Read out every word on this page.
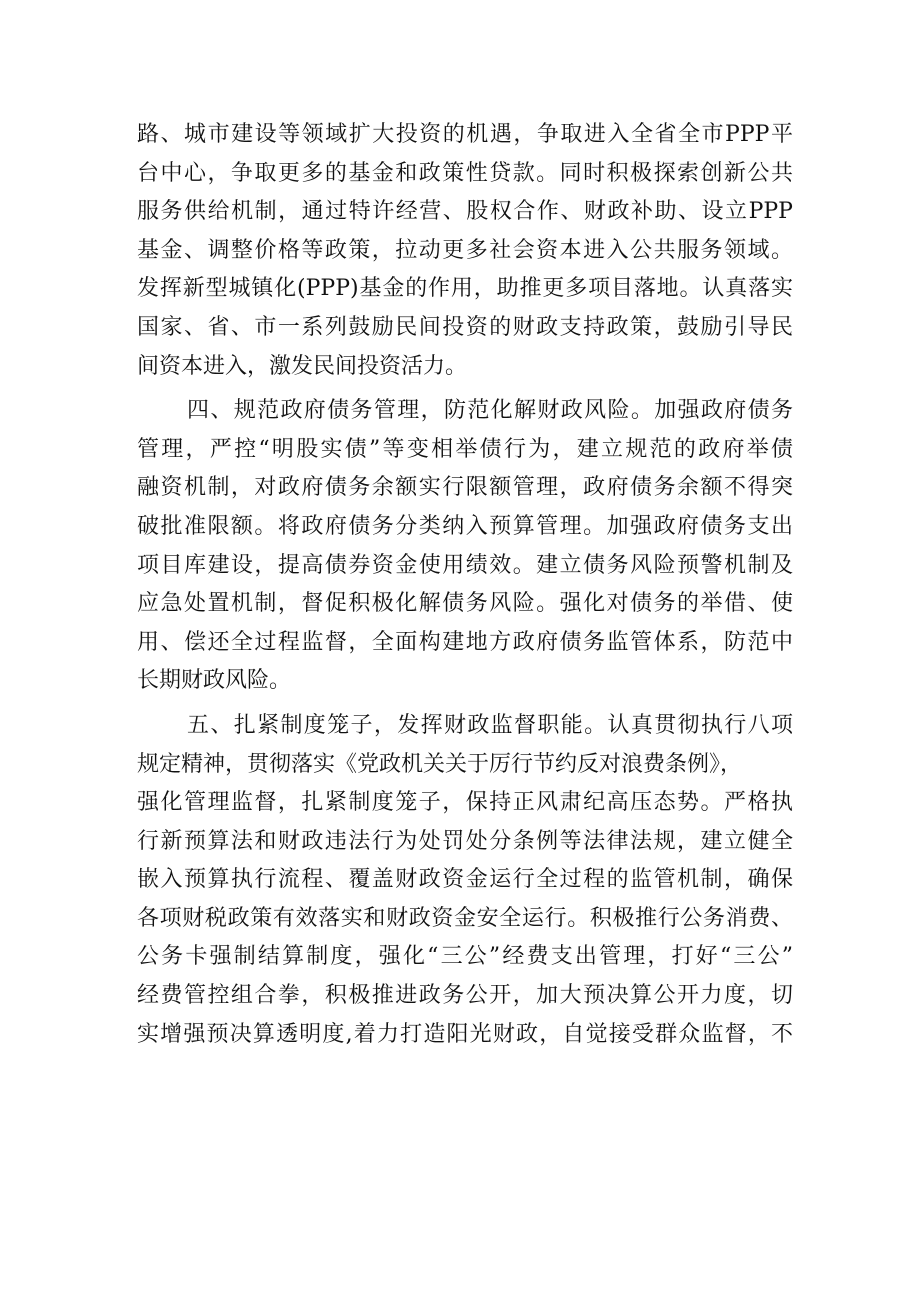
路、城市建设等领域扩大投资的机遇，争取进入全省全市PPP平
台中心，争取更多的基金和政策性贷款。同时积极探索创新公共
服务供给机制，通过特许经营、股权合作、财政补助、设立PPP
基金、调整价格等政策，拉动更多社会资本进入公共服务领域。
发挥新型城镇化(PPP)基金的作用，助推更多项目落地。认真落实
国家、省、市一系列鼓励民间投资的财政支持政策，鼓励引导民
间资本进入，激发民间投资活力。
四、规范政府债务管理，防范化解财政风险。加强政府债务
管理，严控“明股实债”等变相举债行为，建立规范的政府举债
融资机制，对政府债务余额实行限额管理，政府债务余额不得突
破批准限额。将政府债务分类纳入预算管理。加强政府债务支出
项目库建设，提高债券资金使用绩效。建立债务风险预警机制及
应急处置机制，督促积极化解债务风险。强化对债务的举借、使
用、偿还全过程监督，全面构建地方政府债务监管体系，防范中
长期财政风险。
五、扎紧制度笼子，发挥财政监督职能。认真贯彻执行八项
规定精神，贯彻落实《党政机关关于厉行节约反对浪费条例》，
强化管理监督，扎紧制度笼子，保持正风肃纪高压态势。严格执
行新预算法和财政违法行为处罚处分条例等法律法规，建立健全
嵌入预算执行流程、覆盖财政资金运行全过程的监管机制，确保
各项财税政策有效落实和财政资金安全运行。积极推行公务消费、
公务卡强制结算制度，强化“三公”经费支出管理，打好“三公”
经费管控组合拳，积极推进政务公开，加大预决算公开力度，切
实增强预决算透明度,着力打造阳光财政，自觉接受群众监督，不
